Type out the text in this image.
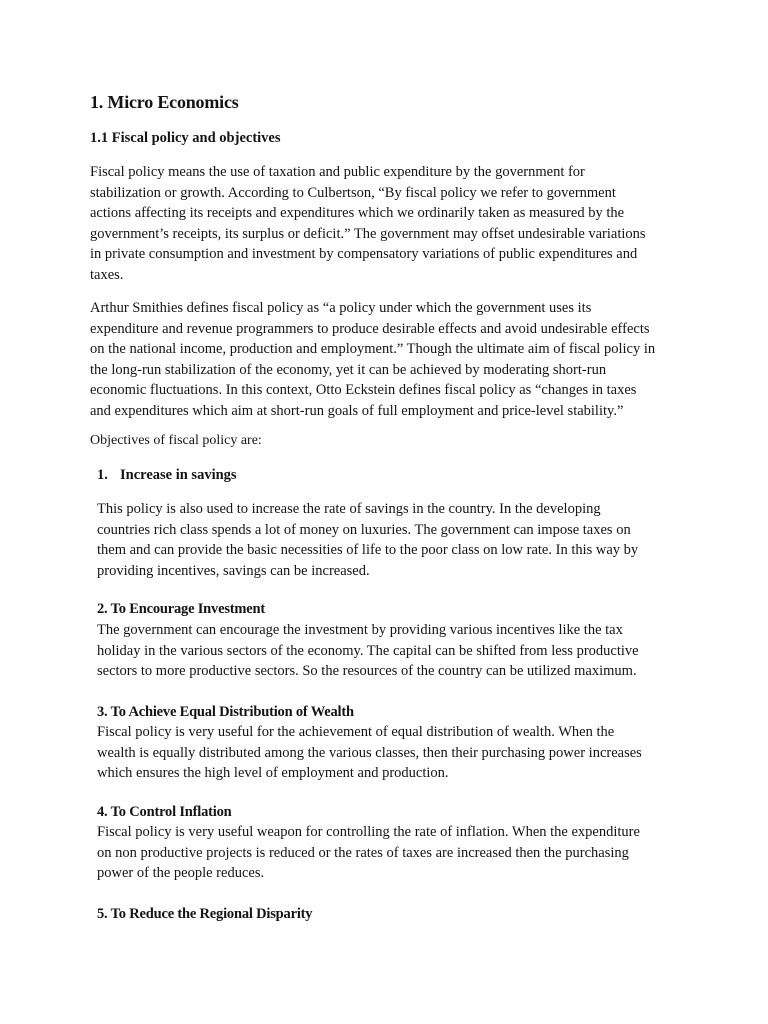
1. Micro Economics
1.1 Fiscal policy and objectives
Fiscal policy means the use of taxation and public expenditure by the government for
stabilization or growth. According to Culbertson, “By fiscal policy we refer to government
actions affecting its receipts and expenditures which we ordinarily taken as measured by the
government’s receipts, its surplus or deficit.” The government may offset undesirable variations
in private consumption and investment by compensatory variations of public expenditures and
taxes.
Arthur Smithies defines fiscal policy as “a policy under which the government uses its
expenditure and revenue programmers to produce desirable effects and avoid undesirable effects
on the national income, production and employment.” Though the ultimate aim of fiscal policy in
the long-run stabilization of the economy, yet it can be achieved by moderating short-run
economic fluctuations. In this context, Otto Eckstein defines fiscal policy as “changes in taxes
and expenditures which aim at short-run goals of full employment and price-level stability.”
Objectives of fiscal policy are:
1. Increase in savings
This policy is also used to increase the rate of savings in the country. In the developing
countries rich class spends a lot of money on luxuries. The government can impose taxes on
them and can provide the basic necessities of life to the poor class on low rate. In this way by
providing incentives, savings can be increased.
2. To Encourage Investment
The government can encourage the investment by providing various incentives like the tax
holiday in the various sectors of the economy. The capital can be shifted from less productive
sectors to more productive sectors. So the resources of the country can be utilized maximum.
3. To Achieve Equal Distribution of Wealth
Fiscal policy is very useful for the achievement of equal distribution of wealth. When the
wealth is equally distributed among the various classes, then their purchasing power increases
which ensures the high level of employment and production.
4. To Control Inflation
Fiscal policy is very useful weapon for controlling the rate of inflation. When the expenditure
on non productive projects is reduced or the rates of taxes are increased then the purchasing
power of the people reduces.
5. To Reduce the Regional Disparity
